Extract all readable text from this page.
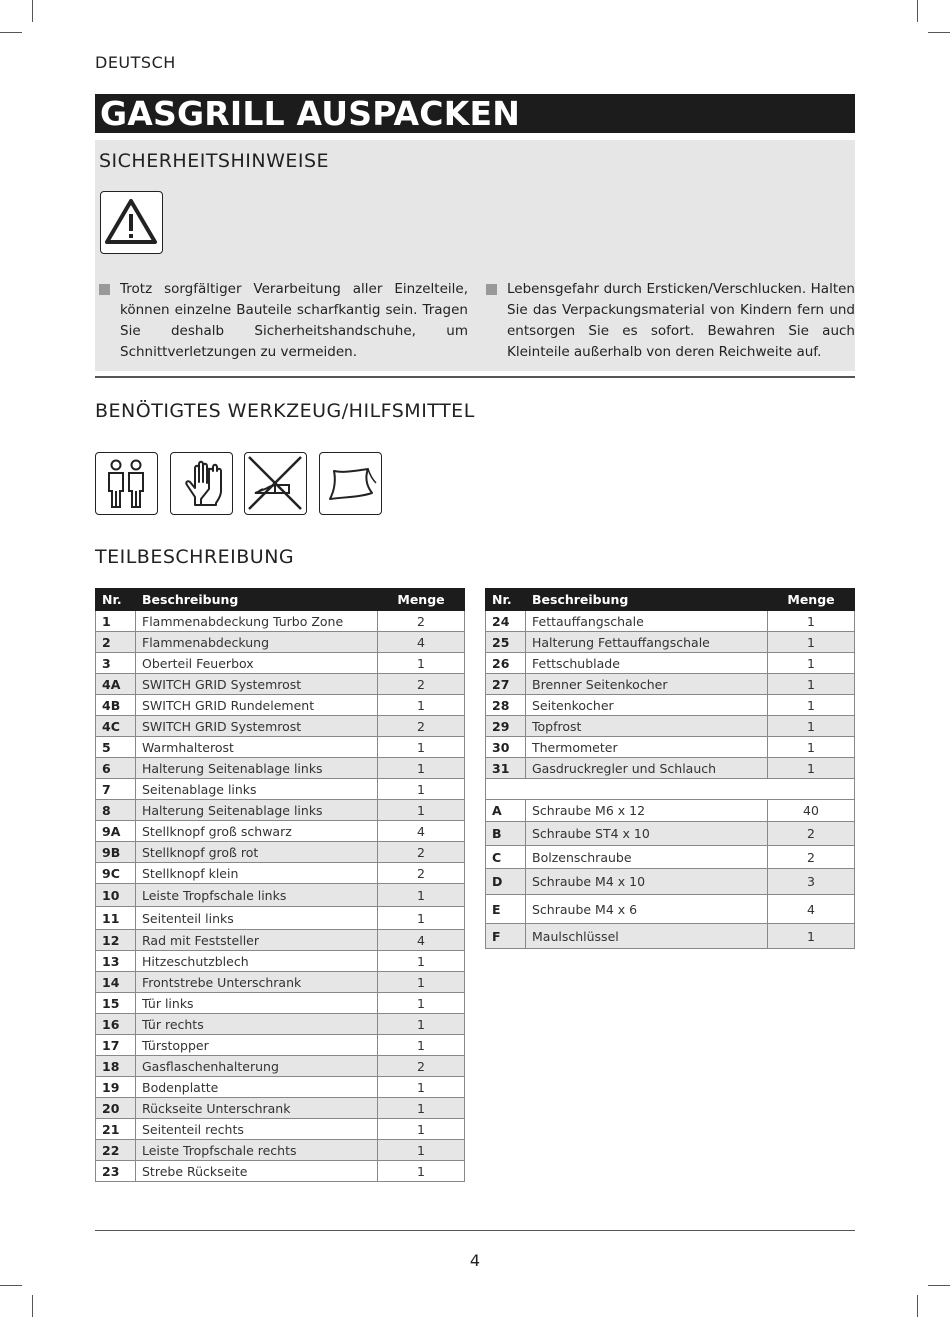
DEUTSCH
GASGRILL AUSPACKEN
SICHERHEITSHINWEISE
Trotz sorgfältiger Verarbeitung aller Einzelteile, können einzelne Bauteile scharfkantig sein. Tragen Sie deshalb Sicherheitshandschuhe, um Schnittverletzungen zu vermeiden.
Lebensgefahr durch Ersticken/Verschlucken. Halten Sie das Verpackungsmaterial von Kindern fern und entsorgen Sie es sofort. Bewahren Sie auch Kleinteile außerhalb von deren Reichweite auf.
BENÖTIGTES WERKZEUG/HILFSMITTEL
TEILBESCHREIBUNG
Nr.	Beschreibung	Menge
1	Flammenabdeckung Turbo Zone	2
2	Flammenabdeckung	4
3	Oberteil Feuerbox	1
4A	SWITCH GRID Systemrost	2
4B	SWITCH GRID Rundelement	1
4C	SWITCH GRID Systemrost	2
5	Warmhalterost	1
6	Halterung Seitenablage links	1
7	Seitenablage links	1
8	Halterung Seitenablage links	1
9A	Stellknopf groß schwarz	4
9B	Stellknopf groß rot	2
9C	Stellknopf klein	2
10	Leiste Tropfschale links	1
11	Seitenteil links	1
12	Rad mit Feststeller	4
13	Hitzeschutzblech	1
14	Frontstrebe Unterschrank	1
15	Tür links	1
16	Tür rechts	1
17	Türstopper	1
18	Gasflaschenhalterung	2
19	Bodenplatte	1
20	Rückseite Unterschrank	1
21	Seitenteil rechts	1
22	Leiste Tropfschale rechts	1
23	Strebe Rückseite	1
Nr.	Beschreibung	Menge
24	Fettauffangschale	1
25	Halterung Fettauffangschale	1
26	Fettschublade	1
27	Brenner Seitenkocher	1
28	Seitenkocher	1
29	Topfrost	1
30	Thermometer	1
31	Gasdruckregler und Schlauch	1

A	Schraube M6 x 12	40
B	Schraube ST4 x 10	2
C	Bolzenschraube	2
D	Schraube M4 x 10	3
E	Schraube M4 x 6	4
F	Maulschlüssel	1
4
